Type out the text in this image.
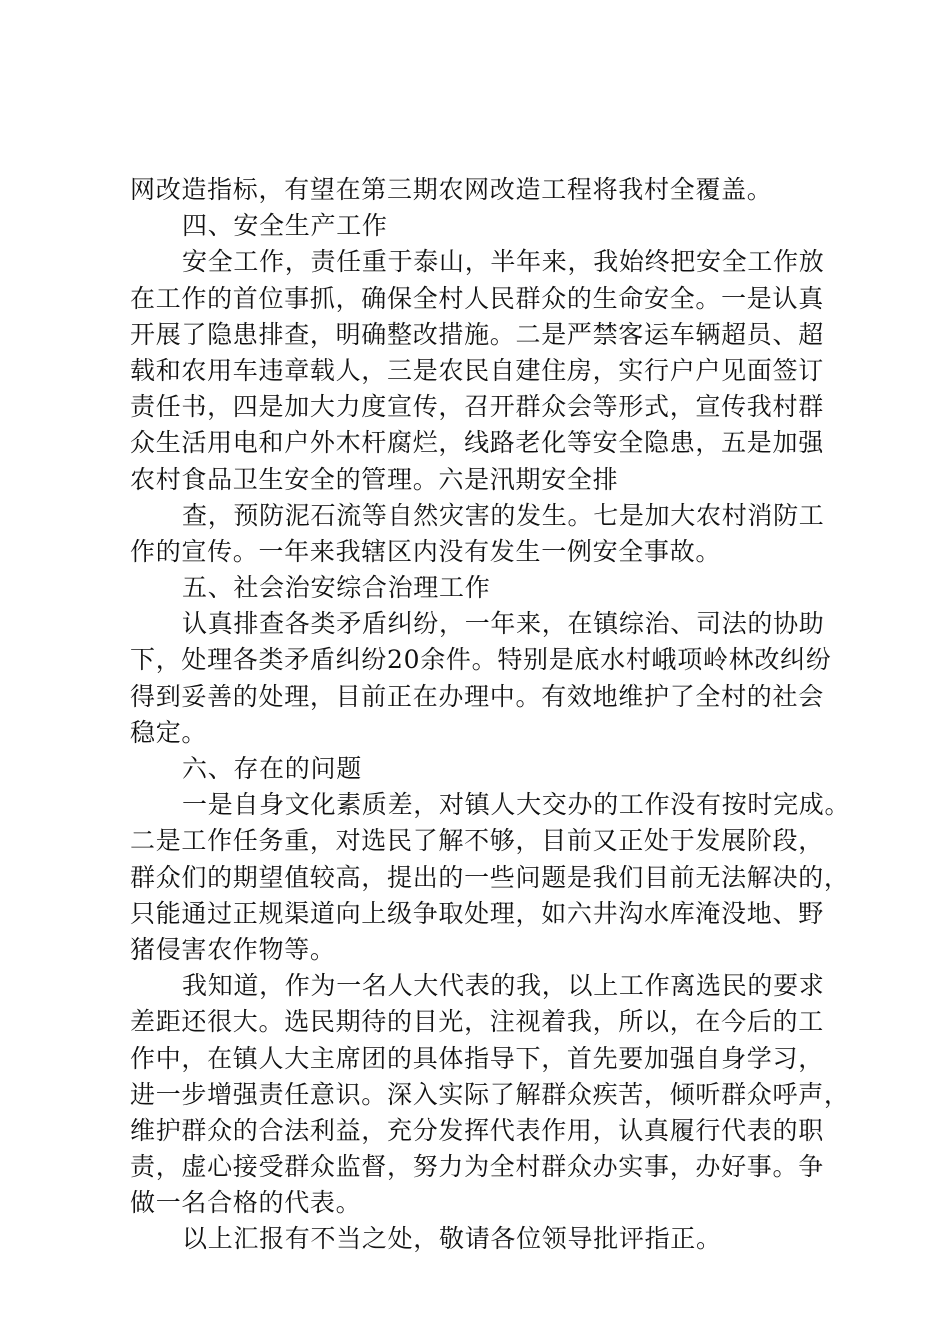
网改造指标，有望在第三期农网改造工程将我村全覆盖。
四、安全生产工作
安全工作，责任重于泰山，半年来，我始终把安全工作放
在工作的首位事抓，确保全村人民群众的生命安全。一是认真
开展了隐患排查，明确整改措施。二是严禁客运车辆超员、超
载和农用车违章载人，三是农民自建住房，实行户户见面签订
责任书，四是加大力度宣传，召开群众会等形式，宣传我村群
众生活用电和户外木杆腐烂，线路老化等安全隐患，五是加强
农村食品卫生安全的管理。六是汛期安全排
查，预防泥石流等自然灾害的发生。七是加大农村消防工
作的宣传。一年来我辖区内没有发生一例安全事故。
五、社会治安综合治理工作
认真排查各类矛盾纠纷，一年来，在镇综治、司法的协助
下，处理各类矛盾纠纷20余件。特别是底水村峨项岭林改纠纷
得到妥善的处理，目前正在办理中。有效地维护了全村的社会
稳定。
六、存在的问题
一是自身文化素质差，对镇人大交办的工作没有按时完成。
二是工作任务重，对选民了解不够，目前又正处于发展阶段，
群众们的期望值较高，提出的一些问题是我们目前无法解决的，
只能通过正规渠道向上级争取处理，如六井沟水库淹没地、野
猪侵害农作物等。
我知道，作为一名人大代表的我，以上工作离选民的要求
差距还很大。选民期待的目光，注视着我，所以，在今后的工
作中，在镇人大主席团的具体指导下，首先要加强自身学习，
进一步增强责任意识。深入实际了解群众疾苦，倾听群众呼声，
维护群众的合法利益，充分发挥代表作用，认真履行代表的职
责，虚心接受群众监督，努力为全村群众办实事，办好事。争
做一名合格的代表。
以上汇报有不当之处，敬请各位领导批评指正。
